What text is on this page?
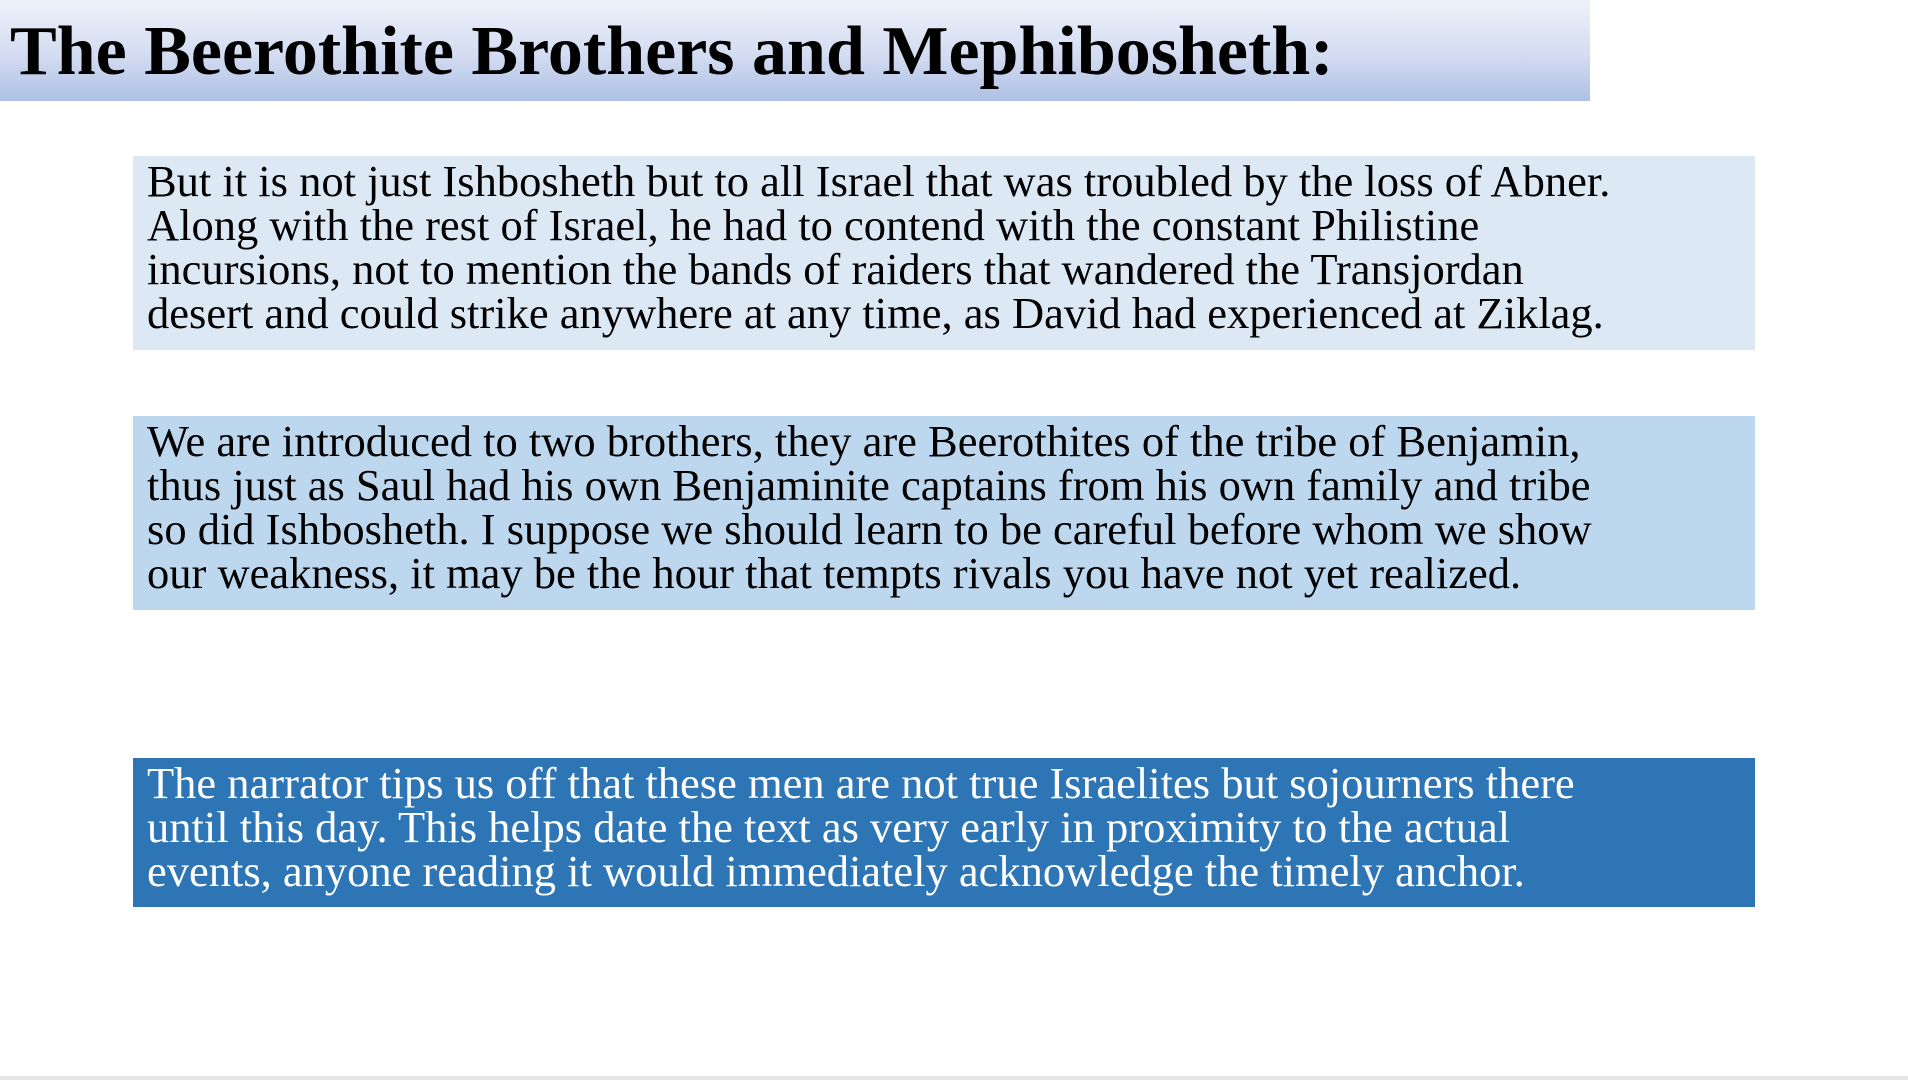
The Beerothite Brothers and Mephibosheth:
But it is not just Ishbosheth but to all Israel that was troubled by the loss of Abner.
Along with the rest of Israel, he had to contend with the constant Philistine
incursions, not to mention the bands of raiders that wandered the Transjordan
desert and could strike anywhere at any time, as David had experienced at Ziklag.
We are introduced to two brothers, they are Beerothites of the tribe of Benjamin,
thus just as Saul had his own Benjaminite captains from his own family and tribe
so did Ishbosheth. I suppose we should learn to be careful before whom we show
our weakness, it may be the hour that tempts rivals you have not yet realized.
The narrator tips us off that these men are not true Israelites but sojourners there
until this day. This helps date the text as very early in proximity to the actual
events, anyone reading it would immediately acknowledge the timely anchor.
